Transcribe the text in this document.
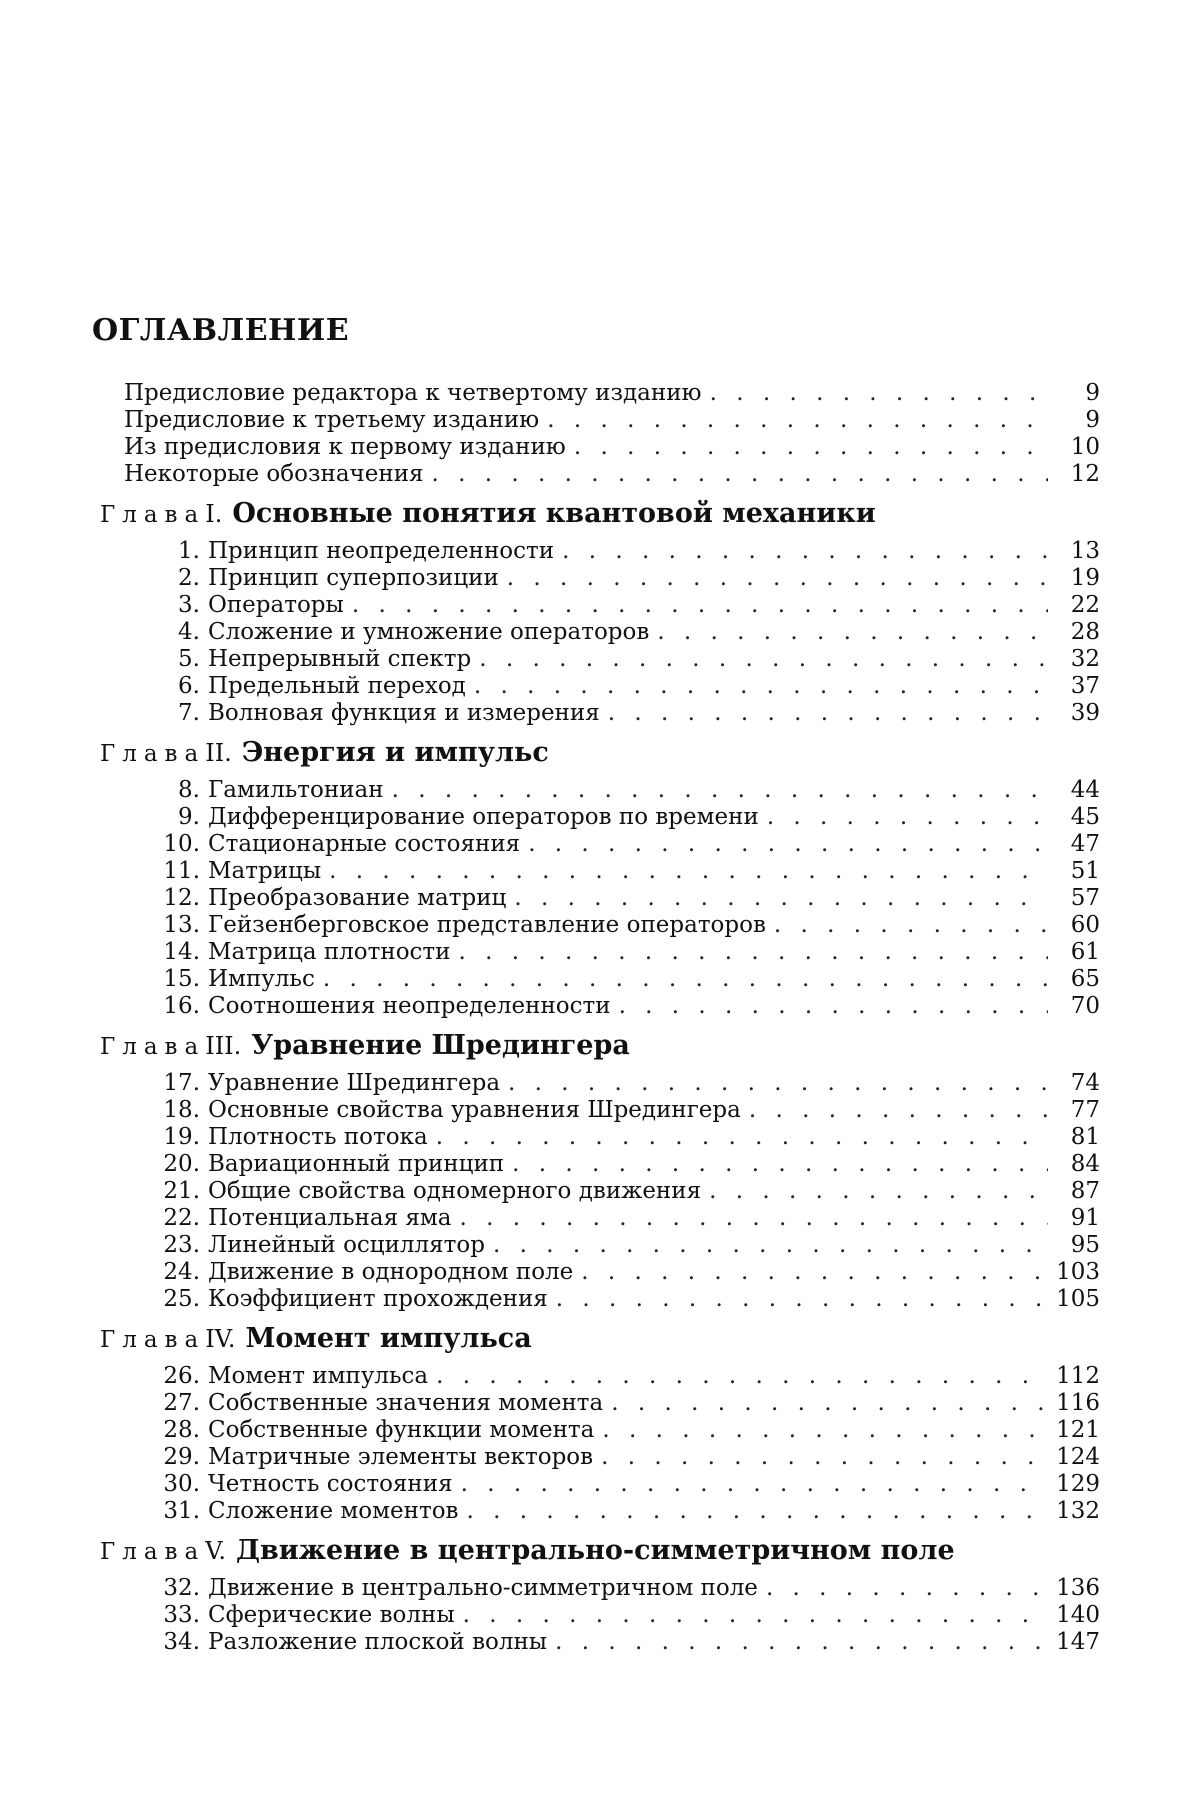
ОГЛАВЛЕНИЕ
Предисловие редактора к четвертому изданию . . .	9
Предисловие к третьему изданию . . .	9
Из предисловия к первому изданию . . .	10
Некоторые обозначения . . .	12
Глава I. Основные понятия квантовой механики
1. Принцип неопределенности . . .	13
2. Принцип суперпозиции . . .	19
3. Операторы . . .	22
4. Сложение и умножение операторов . . .	28
5. Непрерывный спектр . . .	32
6. Предельный переход . . .	37
7. Волновая функция и измерения . . .	39
Глава II. Энергия и импульс
8. Гамильтониан . . .	44
9. Дифференцирование операторов по времени . . .	45
10. Стационарные состояния . . .	47
11. Матрицы . . .	51
12. Преобразование матриц . . .	57
13. Гейзенберговское представление операторов . . .	60
14. Матрица плотности . . .	61
15. Импульс . . .	65
16. Соотношения неопределенности . . .	70
Глава III. Уравнение Шредингера
17. Уравнение Шредингера . . .	74
18. Основные свойства уравнения Шредингера . . .	77
19. Плотность потока . . .	81
20. Вариационный принцип . . .	84
21. Общие свойства одномерного движения . . .	87
22. Потенциальная яма . . .	91
23. Линейный осциллятор . . .	95
24. Движение в однородном поле . . .	103
25. Коэффициент прохождения . . .	105
Глава IV. Момент импульса
26. Момент импульса . . .	112
27. Собственные значения момента . . .	116
28. Собственные функции момента . . .	121
29. Матричные элементы векторов . . .	124
30. Четность состояния . . .	129
31. Сложение моментов . . .	132
Глава V. Движение в центрально-симметричном поле
32. Движение в центрально-симметричном поле . . .	136
33. Сферические волны . . .	140
34. Разложение плоской волны . . .	147
